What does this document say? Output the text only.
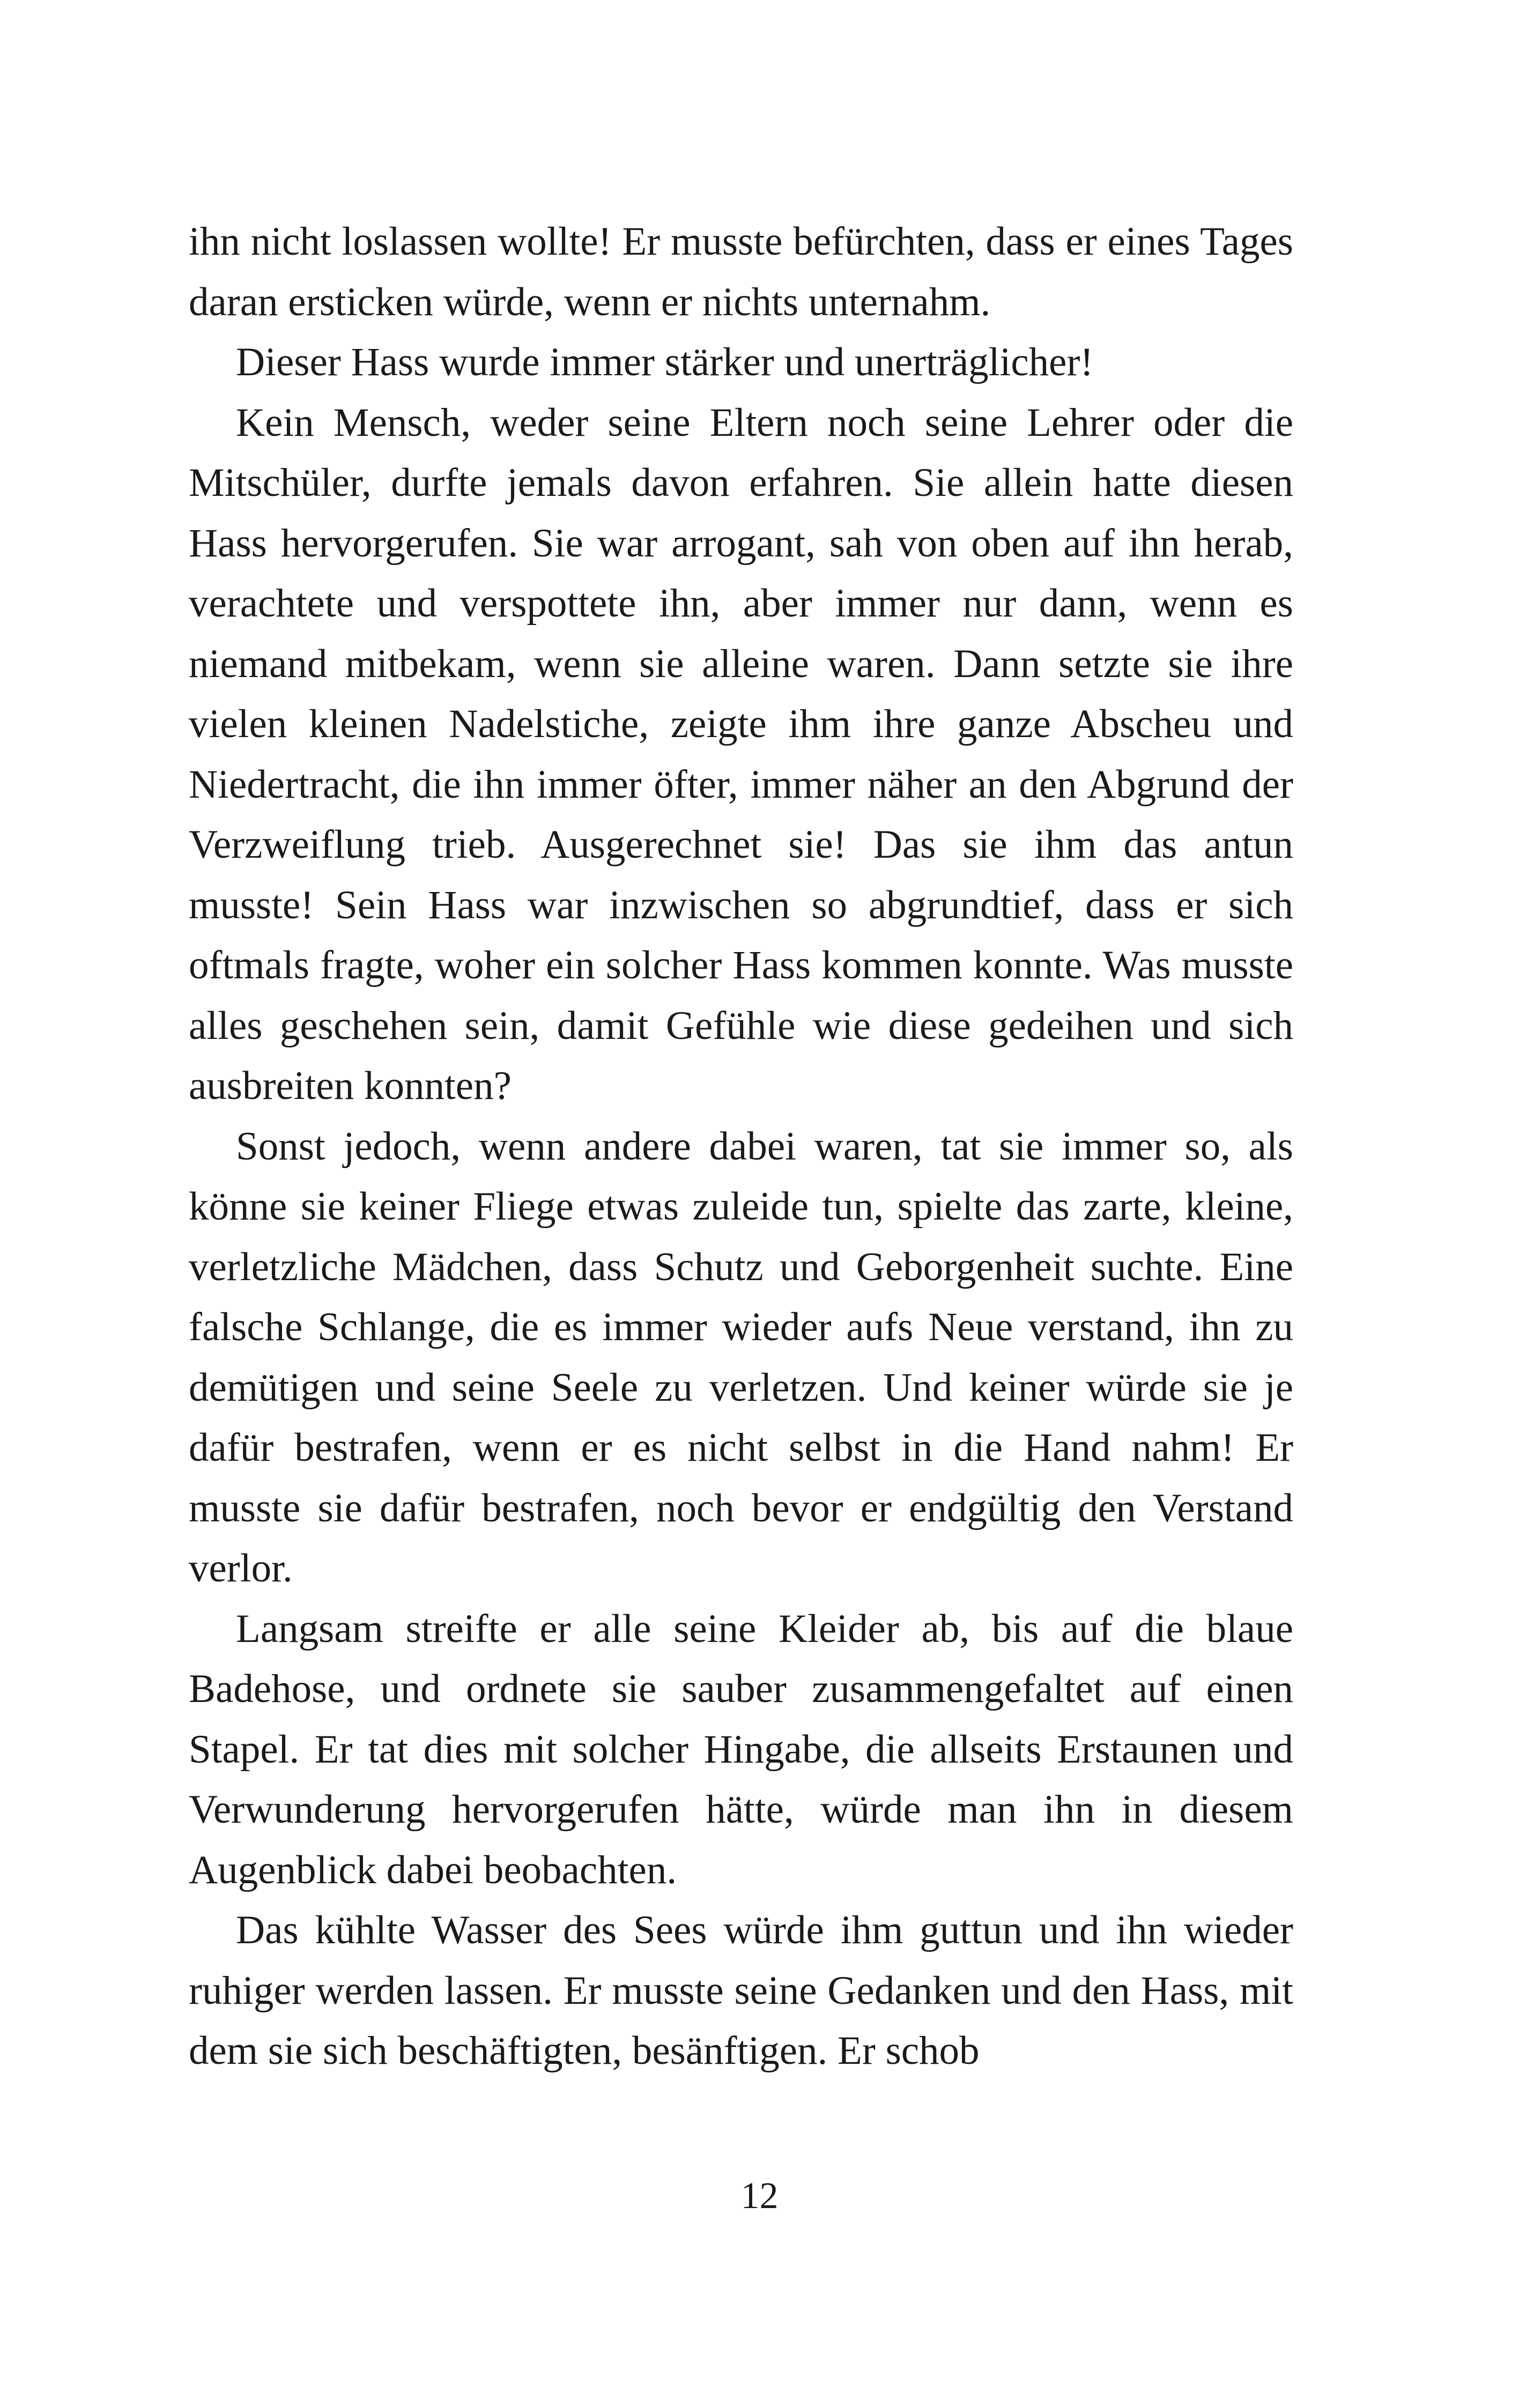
ihn nicht loslassen wollte! Er musste befürchten, dass er eines Tages daran ersticken würde, wenn er nichts unternahm.

Dieser Hass wurde immer stärker und unerträglicher!

Kein Mensch, weder seine Eltern noch seine Lehrer oder die Mitschüler, durfte jemals davon erfahren. Sie allein hatte diesen Hass hervorgerufen. Sie war arrogant, sah von oben auf ihn herab, verachtete und verspottete ihn, aber immer nur dann, wenn es niemand mitbekam, wenn sie alleine waren. Dann setzte sie ihre vielen kleinen Nadelstiche, zeigte ihm ihre ganze Abscheu und Niedertracht, die ihn immer öfter, immer näher an den Abgrund der Verzweiflung trieb. Ausgerechnet sie! Das sie ihm das antun musste! Sein Hass war inzwischen so abgrundtief, dass er sich oftmals fragte, woher ein solcher Hass kommen konnte. Was musste alles geschehen sein, damit Gefühle wie diese gedeihen und sich ausbreiten konnten?

Sonst jedoch, wenn andere dabei waren, tat sie immer so, als könne sie keiner Fliege etwas zuleide tun, spielte das zarte, kleine, verletzliche Mädchen, dass Schutz und Geborgenheit suchte. Eine falsche Schlange, die es immer wieder aufs Neue verstand, ihn zu demütigen und seine Seele zu verletzen. Und keiner würde sie je dafür bestrafen, wenn er es nicht selbst in die Hand nahm! Er musste sie dafür bestrafen, noch bevor er endgültig den Verstand verlor.

Langsam streifte er alle seine Kleider ab, bis auf die blaue Badehose, und ordnete sie sauber zusammengefaltet auf einen Stapel. Er tat dies mit solcher Hingabe, die allseits Erstaunen und Verwunderung hervorgerufen hätte, würde man ihn in diesem Augenblick dabei beobachten.

Das kühlte Wasser des Sees würde ihm guttun und ihn wieder ruhiger werden lassen. Er musste seine Gedanken und den Hass, mit dem sie sich beschäftigten, besänftigen. Er schob

12
